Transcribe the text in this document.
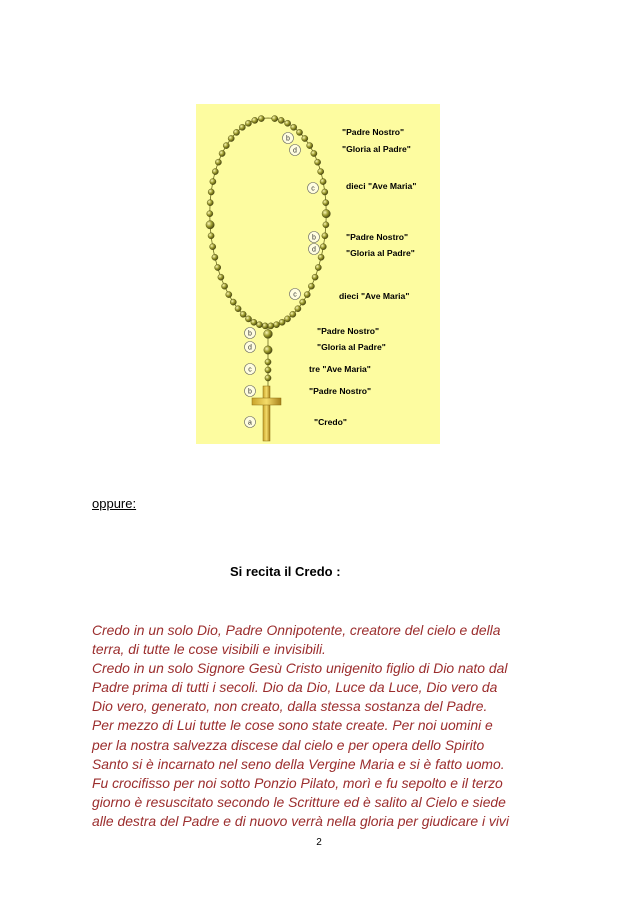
b
d
c
b
d
c
b
d
c
b
a
"Padre Nostro"
"Gloria al Padre"
dieci "Ave Maria"
"Padre Nostro"
"Gloria al Padre"
dieci "Ave Maria"
"Padre Nostro"
"Gloria al Padre"
tre "Ave Maria"
"Padre Nostro"
"Credo"
oppure:
Si recita il Credo :
Credo in un solo Dio, Padre Onnipotente, creatore del cielo e della
terra, di tutte le cose visibili e invisibili.
Credo in un solo Signore Gesù Cristo unigenito figlio di Dio nato dal
Padre prima di tutti i secoli. Dio da Dio, Luce da Luce, Dio vero da
Dio vero, generato, non creato, dalla stessa sostanza del Padre.
Per mezzo di Lui tutte le cose sono state create. Per noi uomini e
per la nostra salvezza discese dal cielo e per opera dello Spirito
Santo si è incarnato nel seno della Vergine Maria e si è fatto uomo.
Fu crocifisso per noi sotto Ponzio Pilato, morì e fu sepolto e il terzo
giorno è resuscitato secondo le Scritture ed è salito al Cielo e siede
alle destra del Padre e di nuovo verrà nella gloria per giudicare i vivi
2
